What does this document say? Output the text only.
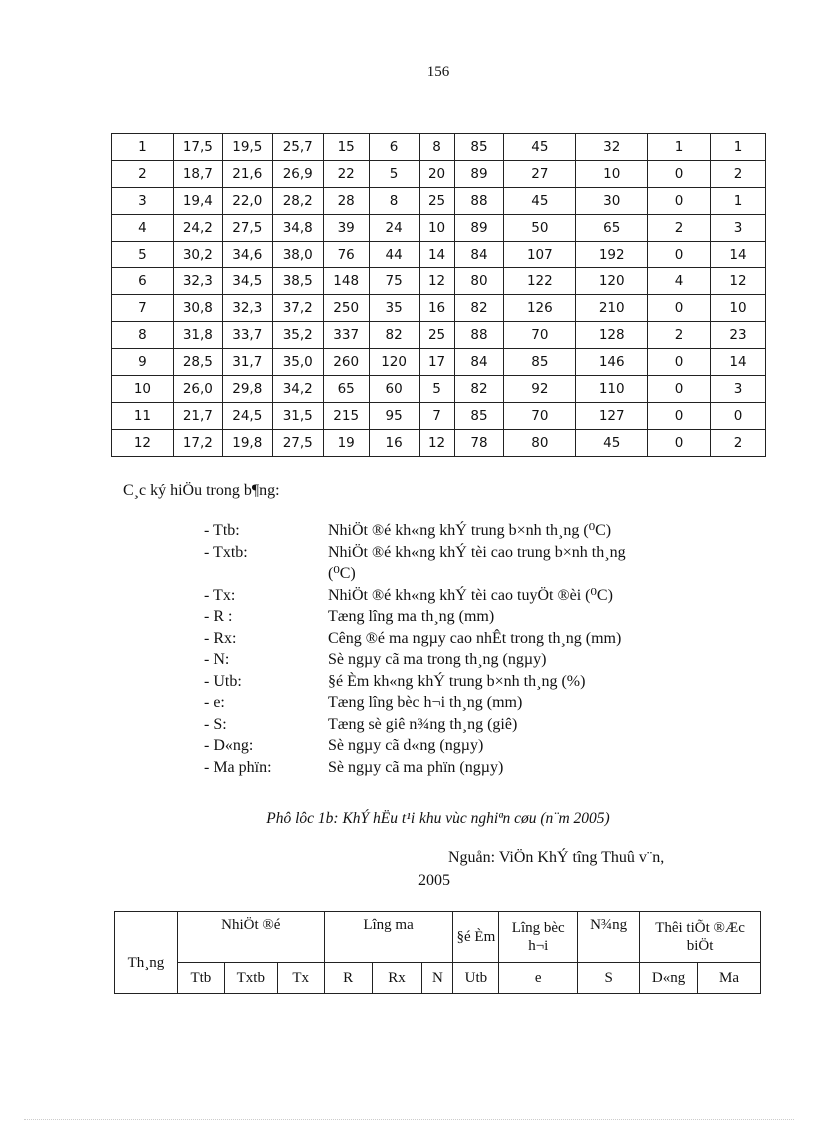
156
1	17,5	19,5	25,7	15	6	8	85	45	32	1	1
2	18,7	21,6	26,9	22	5	20	89	27	10	0	2
3	19,4	22,0	28,2	28	8	25	88	45	30	0	1
4	24,2	27,5	34,8	39	24	10	89	50	65	2	3
5	30,2	34,6	38,0	76	44	14	84	107	192	0	14
6	32,3	34,5	38,5	148	75	12	80	122	120	4	12
7	30,8	32,3	37,2	250	35	16	82	126	210	0	10
8	31,8	33,7	35,2	337	82	25	88	70	128	2	23
9	28,5	31,7	35,0	260	120	17	84	85	146	0	14
10	26,0	29,8	34,2	65	60	5	82	92	110	0	3
11	21,7	24,5	31,5	215	95	7	85	70	127	0	0
12	17,2	19,8	27,5	19	16	12	78	80	45	0	2
C¸c ký hiÖu trong b¶ng:
- Ttb:	NhiÖt ®é kh«ng khÝ trung b×nh th¸ng (⁰C)
- Txtb:	NhiÖt ®é kh«ng khÝ tèi cao trung b×nh th¸ng
(⁰C)
- Tx:	NhiÖt ®é kh«ng khÝ tèi cao tuyÖt ®èi (⁰C)
- R :	Tæng lîng ma th¸ng (mm)
- Rx:	Cêng ®é ma ngµy cao nhÊt trong th¸ng (mm)
- N:	Sè ngµy cã ma trong th¸ng (ngµy)
- Utb:	§é Èm kh«ng khÝ trung b×nh th¸ng (%)
- e:	Tæng lîng bèc h¬i th¸ng (mm)
- S:	Tæng sè giê n¾ng th¸ng (giê)
- D«ng:	Sè ngµy cã d«ng (ngµy)
- Ma phïn:	Sè ngµy cã ma phïn (ngµy)
Phô lôc 1b: KhÝ hËu t¹i khu vùc nghiªn cøu (n¨m 2005)
Nguån: ViÖn KhÝ tîng Thuû v¨n,
2005
Th¸ng	NhiÖt ®é			Lîng ma			§é Èm	Lîng bèc h¬i	N¾ng	Thêi tiÕt ®Æc biÖt	
	Ttb	Txtb	Tx	R	Rx	N	Utb	e	S	D«ng	Ma
